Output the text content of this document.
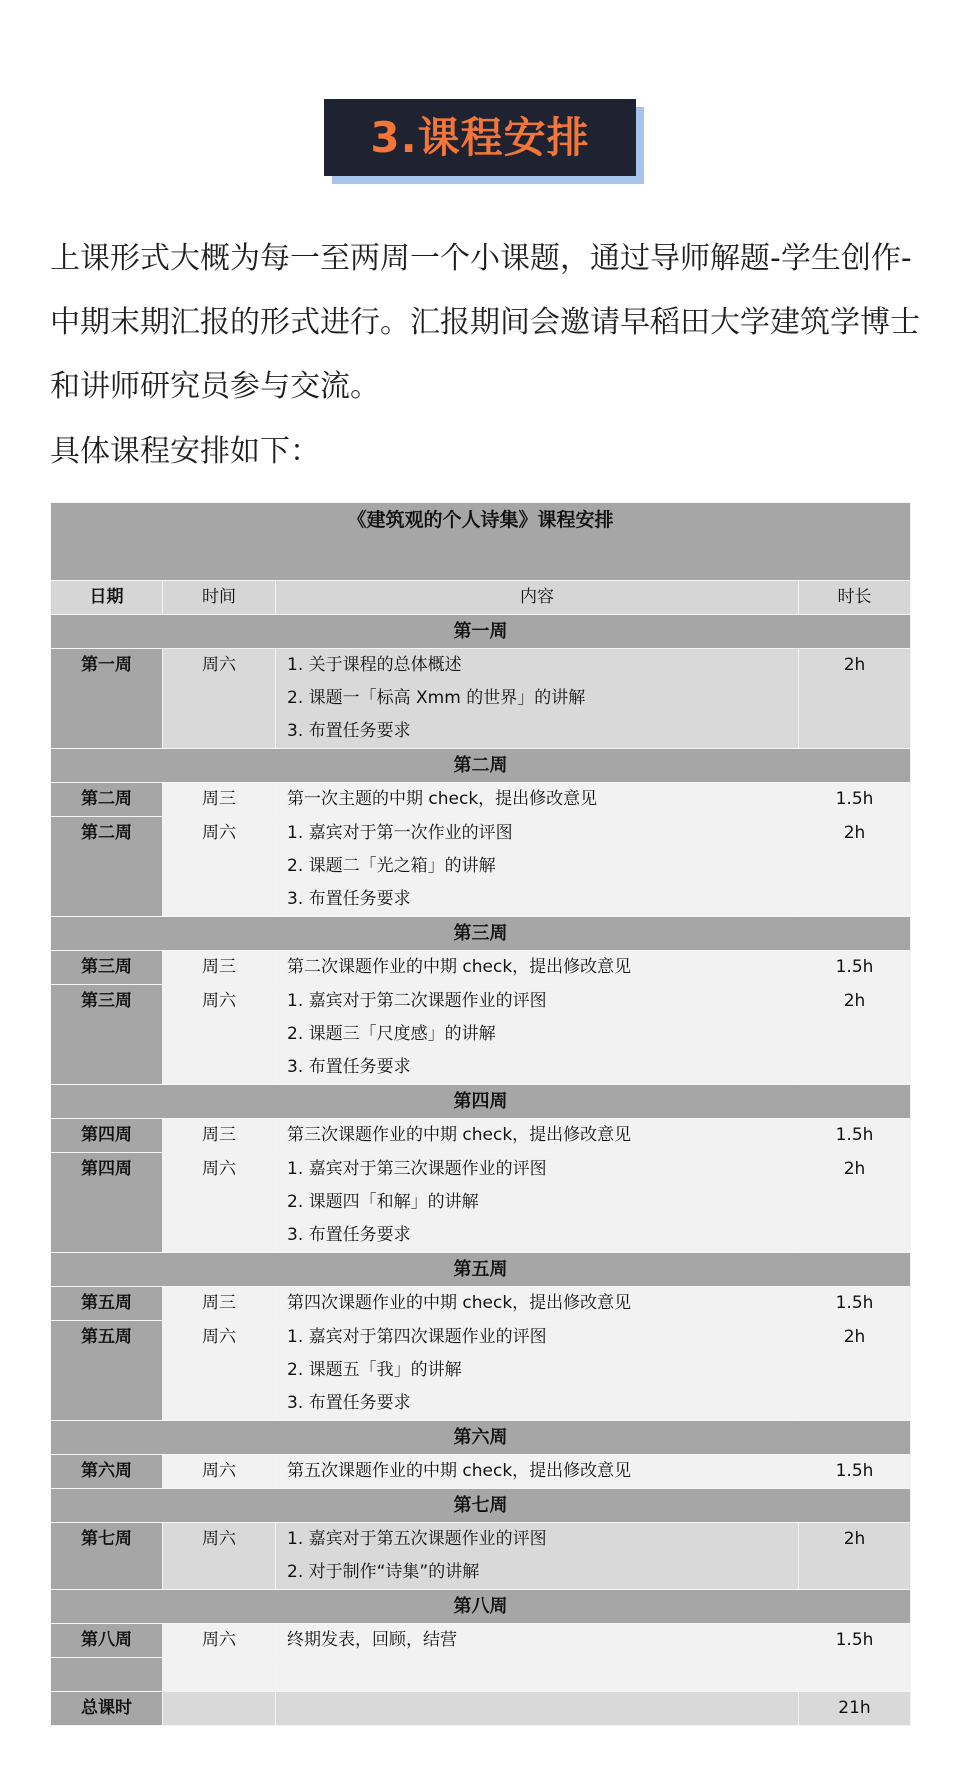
3.课程安排

上课形式大概为每一至两周一个小课题，通过导师解题-学生创作-中期末期汇报的形式进行。汇报期间会邀请早稻田大学建筑学博士和讲师研究员参与交流。

具体课程安排如下：

《建筑观的个人诗集》课程安排			
日期	时间	内容	时长
第一周			
第一周	周六	1. 关于课程的总体概述
2. 课题一「标高 Xmm 的世界」的讲解
3. 布置任务要求	2h
第二周			
第二周	周三	第一次主题的中期 check，提出修改意见	1.5h
第二周	周六	1. 嘉宾对于第一次作业的评图
2. 课题二「光之箱」的讲解
3. 布置任务要求	2h
第三周			
第三周	周三	第二次课题作业的中期 check，提出修改意见	1.5h
第三周	周六	1. 嘉宾对于第二次课题作业的评图
2. 课题三「尺度感」的讲解
3. 布置任务要求	2h
第四周			
第四周	周三	第三次课题作业的中期 check，提出修改意见	1.5h
第四周	周六	1. 嘉宾对于第三次课题作业的评图
2. 课题四「和解」的讲解
3. 布置任务要求	2h
第五周			
第五周	周三	第四次课题作业的中期 check，提出修改意见	1.5h
第五周	周六	1. 嘉宾对于第四次课题作业的评图
2. 课题五「我」的讲解
3. 布置任务要求	2h
第六周			
第六周	周六	第五次课题作业的中期 check，提出修改意见	1.5h
第七周			
第七周	周六	1. 嘉宾对于第五次课题作业的评图
2. 对于制作“诗集”的讲解	2h
第八周			
第八周	周六	终期发表，回顾，结营	1.5h

总课时			21h
